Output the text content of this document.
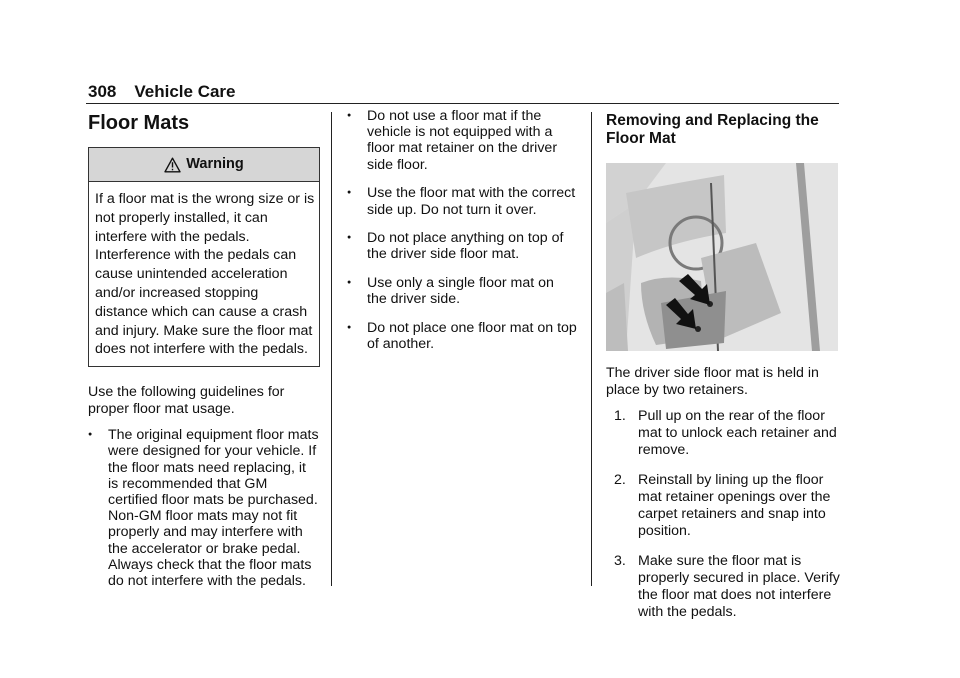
308 Vehicle Care
Floor Mats
Warning
If a floor mat is the wrong size or is not properly installed, it can interfere with the pedals. Interference with the pedals can cause unintended acceleration and/or increased stopping distance which can cause a crash and injury. Make sure the floor mat does not interfere with the pedals.

Use the following guidelines for proper floor mat usage.

● The original equipment floor mats were designed for your vehicle. If the floor mats need replacing, it is recommended that GM certified floor mats be purchased. Non-GM floor mats may not fit properly and may interfere with the accelerator or brake pedal. Always check that the floor mats do not interfere with the pedals.
● Do not use a floor mat if the vehicle is not equipped with a floor mat retainer on the driver side floor.
● Use the floor mat with the correct side up. Do not turn it over.
● Do not place anything on top of the driver side floor mat.
● Use only a single floor mat on the driver side.
● Do not place one floor mat on top of another.
Removing and Replacing the Floor Mat

The driver side floor mat is held in place by two retainers.

1. Pull up on the rear of the floor mat to unlock each retainer and remove.
2. Reinstall by lining up the floor mat retainer openings over the carpet retainers and snap into position.
3. Make sure the floor mat is properly secured in place. Verify the floor mat does not interfere with the pedals.
